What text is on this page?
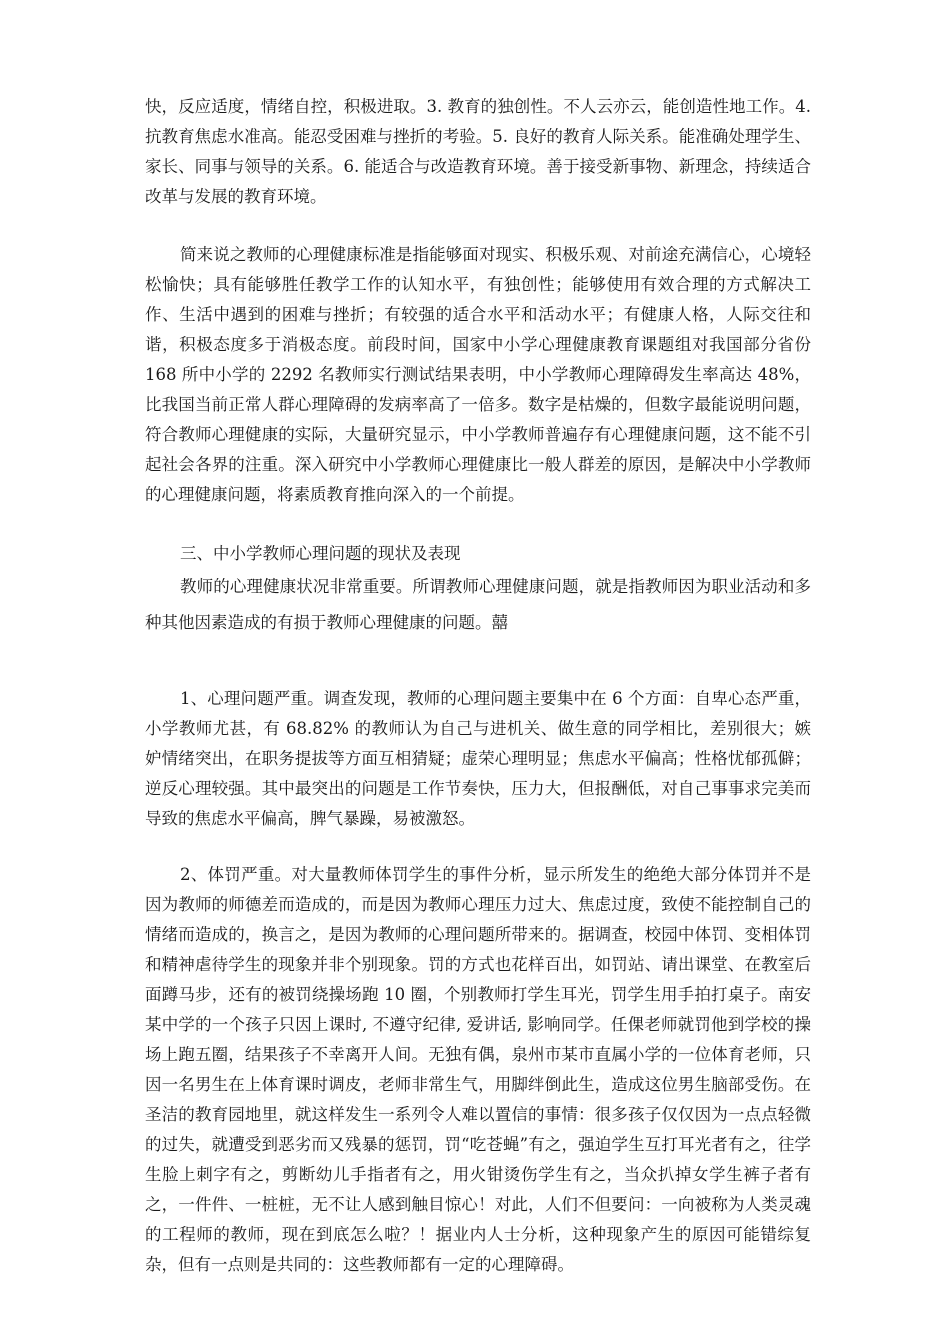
快，反应适度，情绪自控，积极进取。3. 教育的独创性。不人云亦云，能创造性地工作。4. 抗教育焦虑水准高。能忍受困难与挫折的考验。5. 良好的教育人际关系。能准确处理学生、家长、同事与领导的关系。6. 能适合与改造教育环境。善于接受新事物、新理念，持续适合改革与发展的教育环境。

简来说之教师的心理健康标准是指能够面对现实、积极乐观、对前途充满信心，心境轻松愉快；具有能够胜任教学工作的认知水平，有独创性；能够使用有效合理的方式解决工作、生活中遇到的困难与挫折；有较强的适合水平和活动水平；有健康人格，人际交往和谐，积极态度多于消极态度。前段时间，国家中小学心理健康教育课题组对我国部分省份 168 所中小学的 2292 名教师实行测试结果表明，中小学教师心理障碍发生率高达 48%，比我国当前正常人群心理障碍的发病率高了一倍多。数字是枯燥的，但数字最能说明问题，符合教师心理健康的实际，大量研究显示，中小学教师普遍存有心理健康问题，这不能不引起社会各界的注重。深入研究中小学教师心理健康比一般人群差的原因，是解决中小学教师的心理健康问题，将素质教育推向深入的一个前提。

三、中小学教师心理问题的现状及表现

教师的心理健康状况非常重要。所谓教师心理健康问题，就是指教师因为职业活动和多种其他因素造成的有损于教师心理健康的问题。囍

1、心理问题严重。调查发现，教师的心理问题主要集中在 6 个方面：自卑心态严重，小学教师尤甚，有 68.82% 的教师认为自己与进机关、做生意的同学相比，差别很大；嫉妒情绪突出，在职务提拔等方面互相猜疑；虚荣心理明显；焦虑水平偏高；性格忧郁孤僻；逆反心理较强。其中最突出的问题是工作节奏快，压力大，但报酬低，对自己事事求完美而导致的焦虑水平偏高，脾气暴躁，易被激怒。

2、体罚严重。对大量教师体罚学生的事件分析，显示所发生的绝绝大部分体罚并不是因为教师的师德差而造成的，而是因为教师心理压力过大、焦虑过度，致使不能控制自己的情绪而造成的，换言之，是因为教师的心理问题所带来的。据调查，校园中体罚、变相体罚和精神虐待学生的现象并非个别现象。罚的方式也花样百出，如罚站、请出课堂、在教室后面蹲马步，还有的被罚绕操场跑 10 圈，个别教师打学生耳光，罚学生用手拍打桌子。南安某中学的一个孩子只因上课时, 不遵守纪律, 爱讲话, 影响同学。任倮老师就罚他到学校的操场上跑五圈，结果孩子不幸离开人间。无独有偶，泉州市某市直属小学的一位体育老师，只因一名男生在上体育课时调皮，老师非常生气，用脚绊倒此生，造成这位男生脑部受伤。在圣洁的教育园地里，就这样发生一系列令人难以置信的事情：很多孩子仅仅因为一点点轻微的过失，就遭受到恶劣而又残暴的惩罚，罚“吃苍蝇”有之，强迫学生互打耳光者有之，往学生脸上刺字有之，剪断幼儿手指者有之，用火钳烫伤学生有之，当众扒掉女学生裤子者有之，一件件、一桩桩，无不让人感到触目惊心！对此，人们不但要问：一向被称为人类灵魂的工程师的教师，现在到底怎么啦？！据业内人士分析，这种现象产生的原因可能错综复杂，但有一点则是共同的：这些教师都有一定的心理障碍。
